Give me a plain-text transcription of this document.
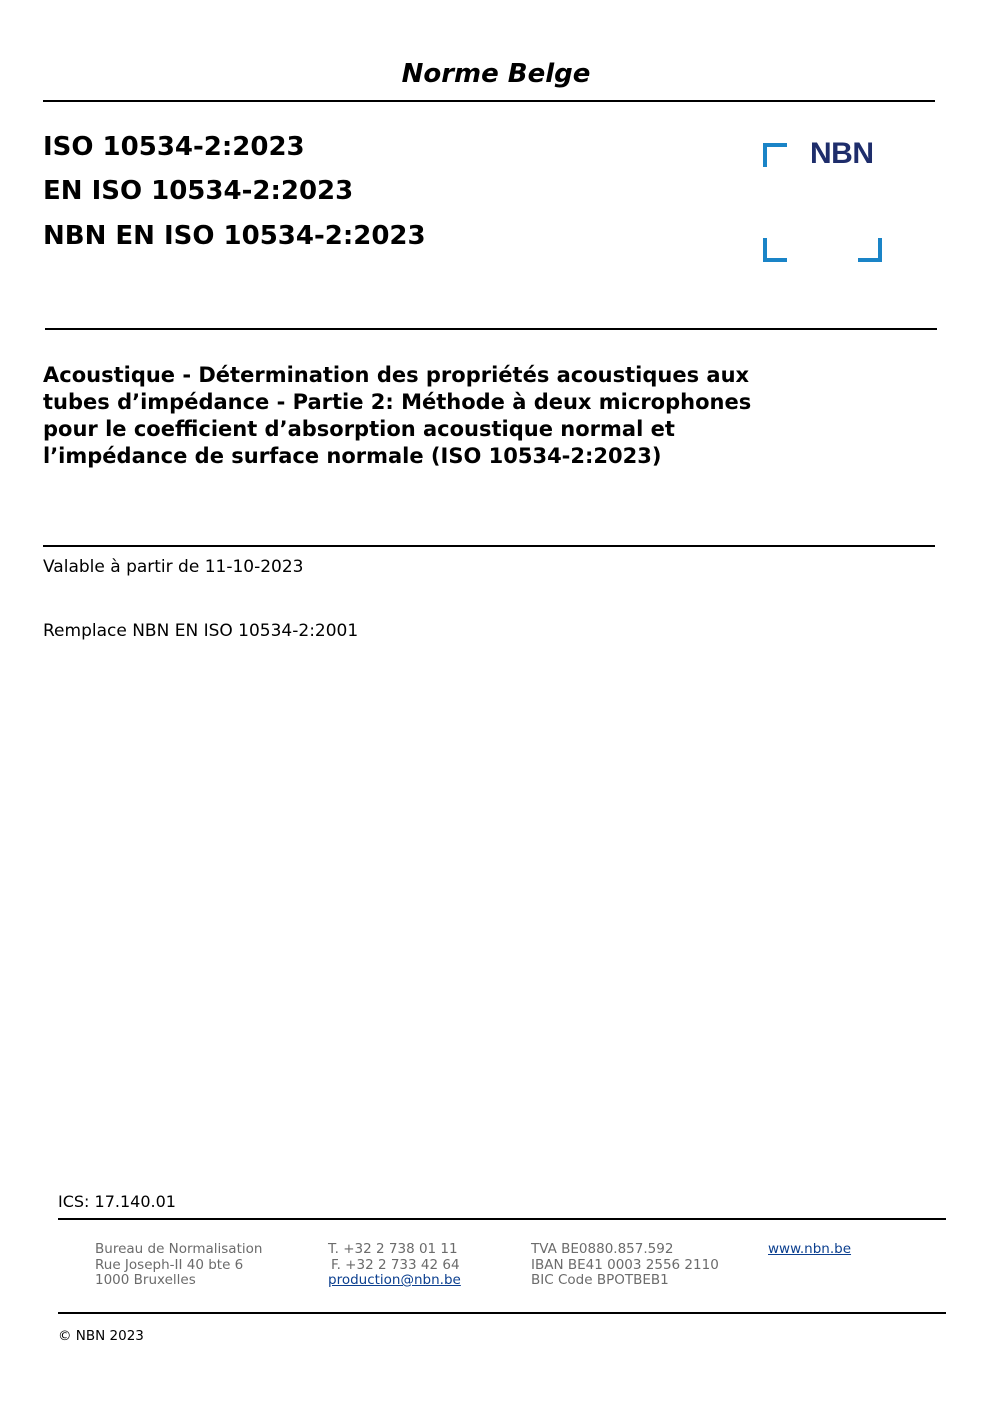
Norme Belge
ISO 10534-2:2023
EN ISO 10534-2:2023
NBN EN ISO 10534-2:2023
NBN
Acoustique - Détermination des propriétés acoustiques aux
tubes d’impédance - Partie 2: Méthode à deux microphones
pour le coefficient d’absorption acoustique normal et
l’impédance de surface normale (ISO 10534-2:2023)
Valable à partir de 11-10-2023
Remplace NBN EN ISO 10534-2:2001
ICS: 17.140.01
Bureau de Normalisation
Rue Joseph-II 40 bte 6
1000 Bruxelles
T. +32 2 738 01 11
F. +32 2 733 42 64
production@nbn.be
TVA BE0880.857.592
IBAN BE41 0003 2556 2110
BIC Code BPOTBEB1
www.nbn.be
© NBN 2023
